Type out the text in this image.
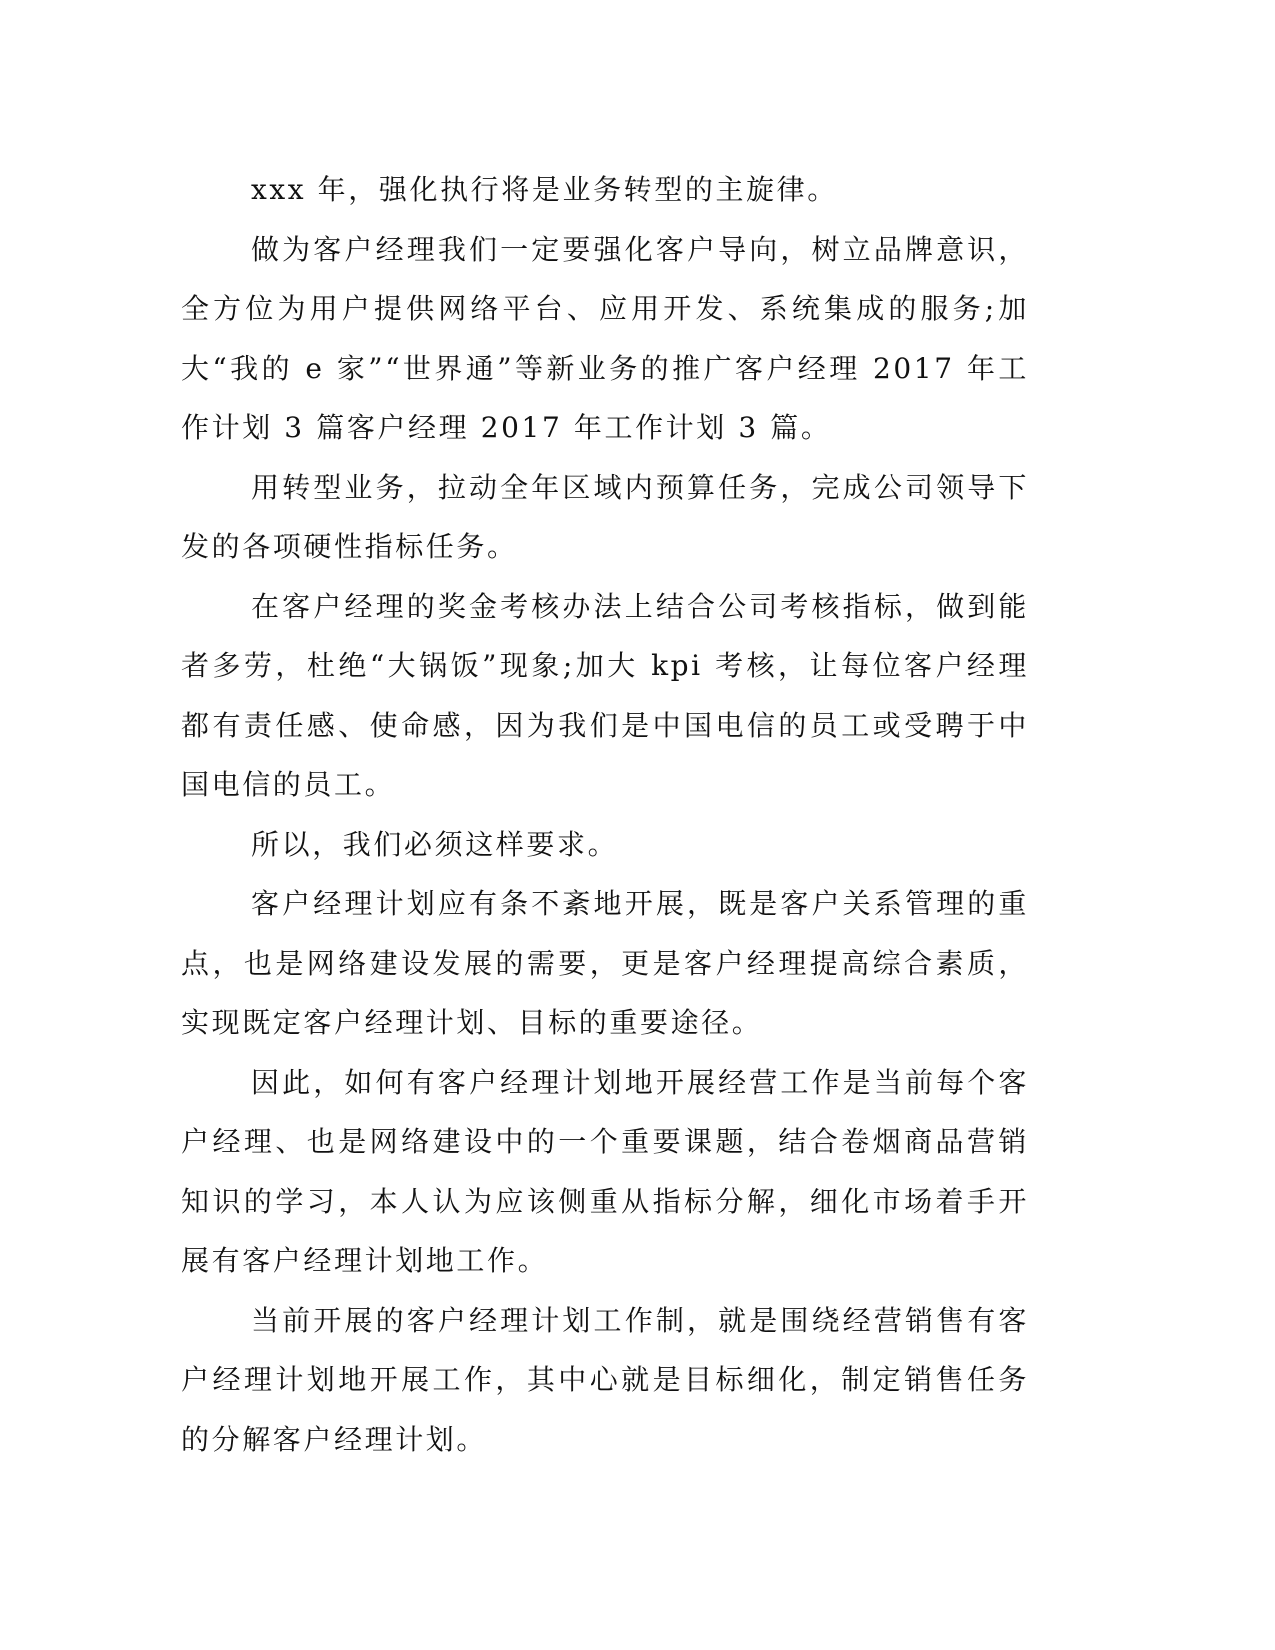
xxx 年，强化执行将是业务转型的主旋律。

做为客户经理我们一定要强化客户导向，树立品牌意识，全方位为用户提供网络平台、应用开发、系统集成的服务;加大“我的 e 家”“世界通”等新业务的推广客户经理 2017 年工作计划 3 篇客户经理 2017 年工作计划 3 篇。

用转型业务，拉动全年区域内预算任务，完成公司领导下发的各项硬性指标任务。

在客户经理的奖金考核办法上结合公司考核指标，做到能者多劳，杜绝“大锅饭”现象;加大 kpi 考核，让每位客户经理都有责任感、使命感，因为我们是中国电信的员工或受聘于中国电信的员工。

所以，我们必须这样要求。

客户经理计划应有条不紊地开展，既是客户关系管理的重点，也是网络建设发展的需要，更是客户经理提高综合素质，实现既定客户经理计划、目标的重要途径。

因此，如何有客户经理计划地开展经营工作是当前每个客户经理、也是网络建设中的一个重要课题，结合卷烟商品营销知识的学习，本人认为应该侧重从指标分解，细化市场着手开展有客户经理计划地工作。

当前开展的客户经理计划工作制，就是围绕经营销售有客户经理计划地开展工作，其中心就是目标细化，制定销售任务的分解客户经理计划。
